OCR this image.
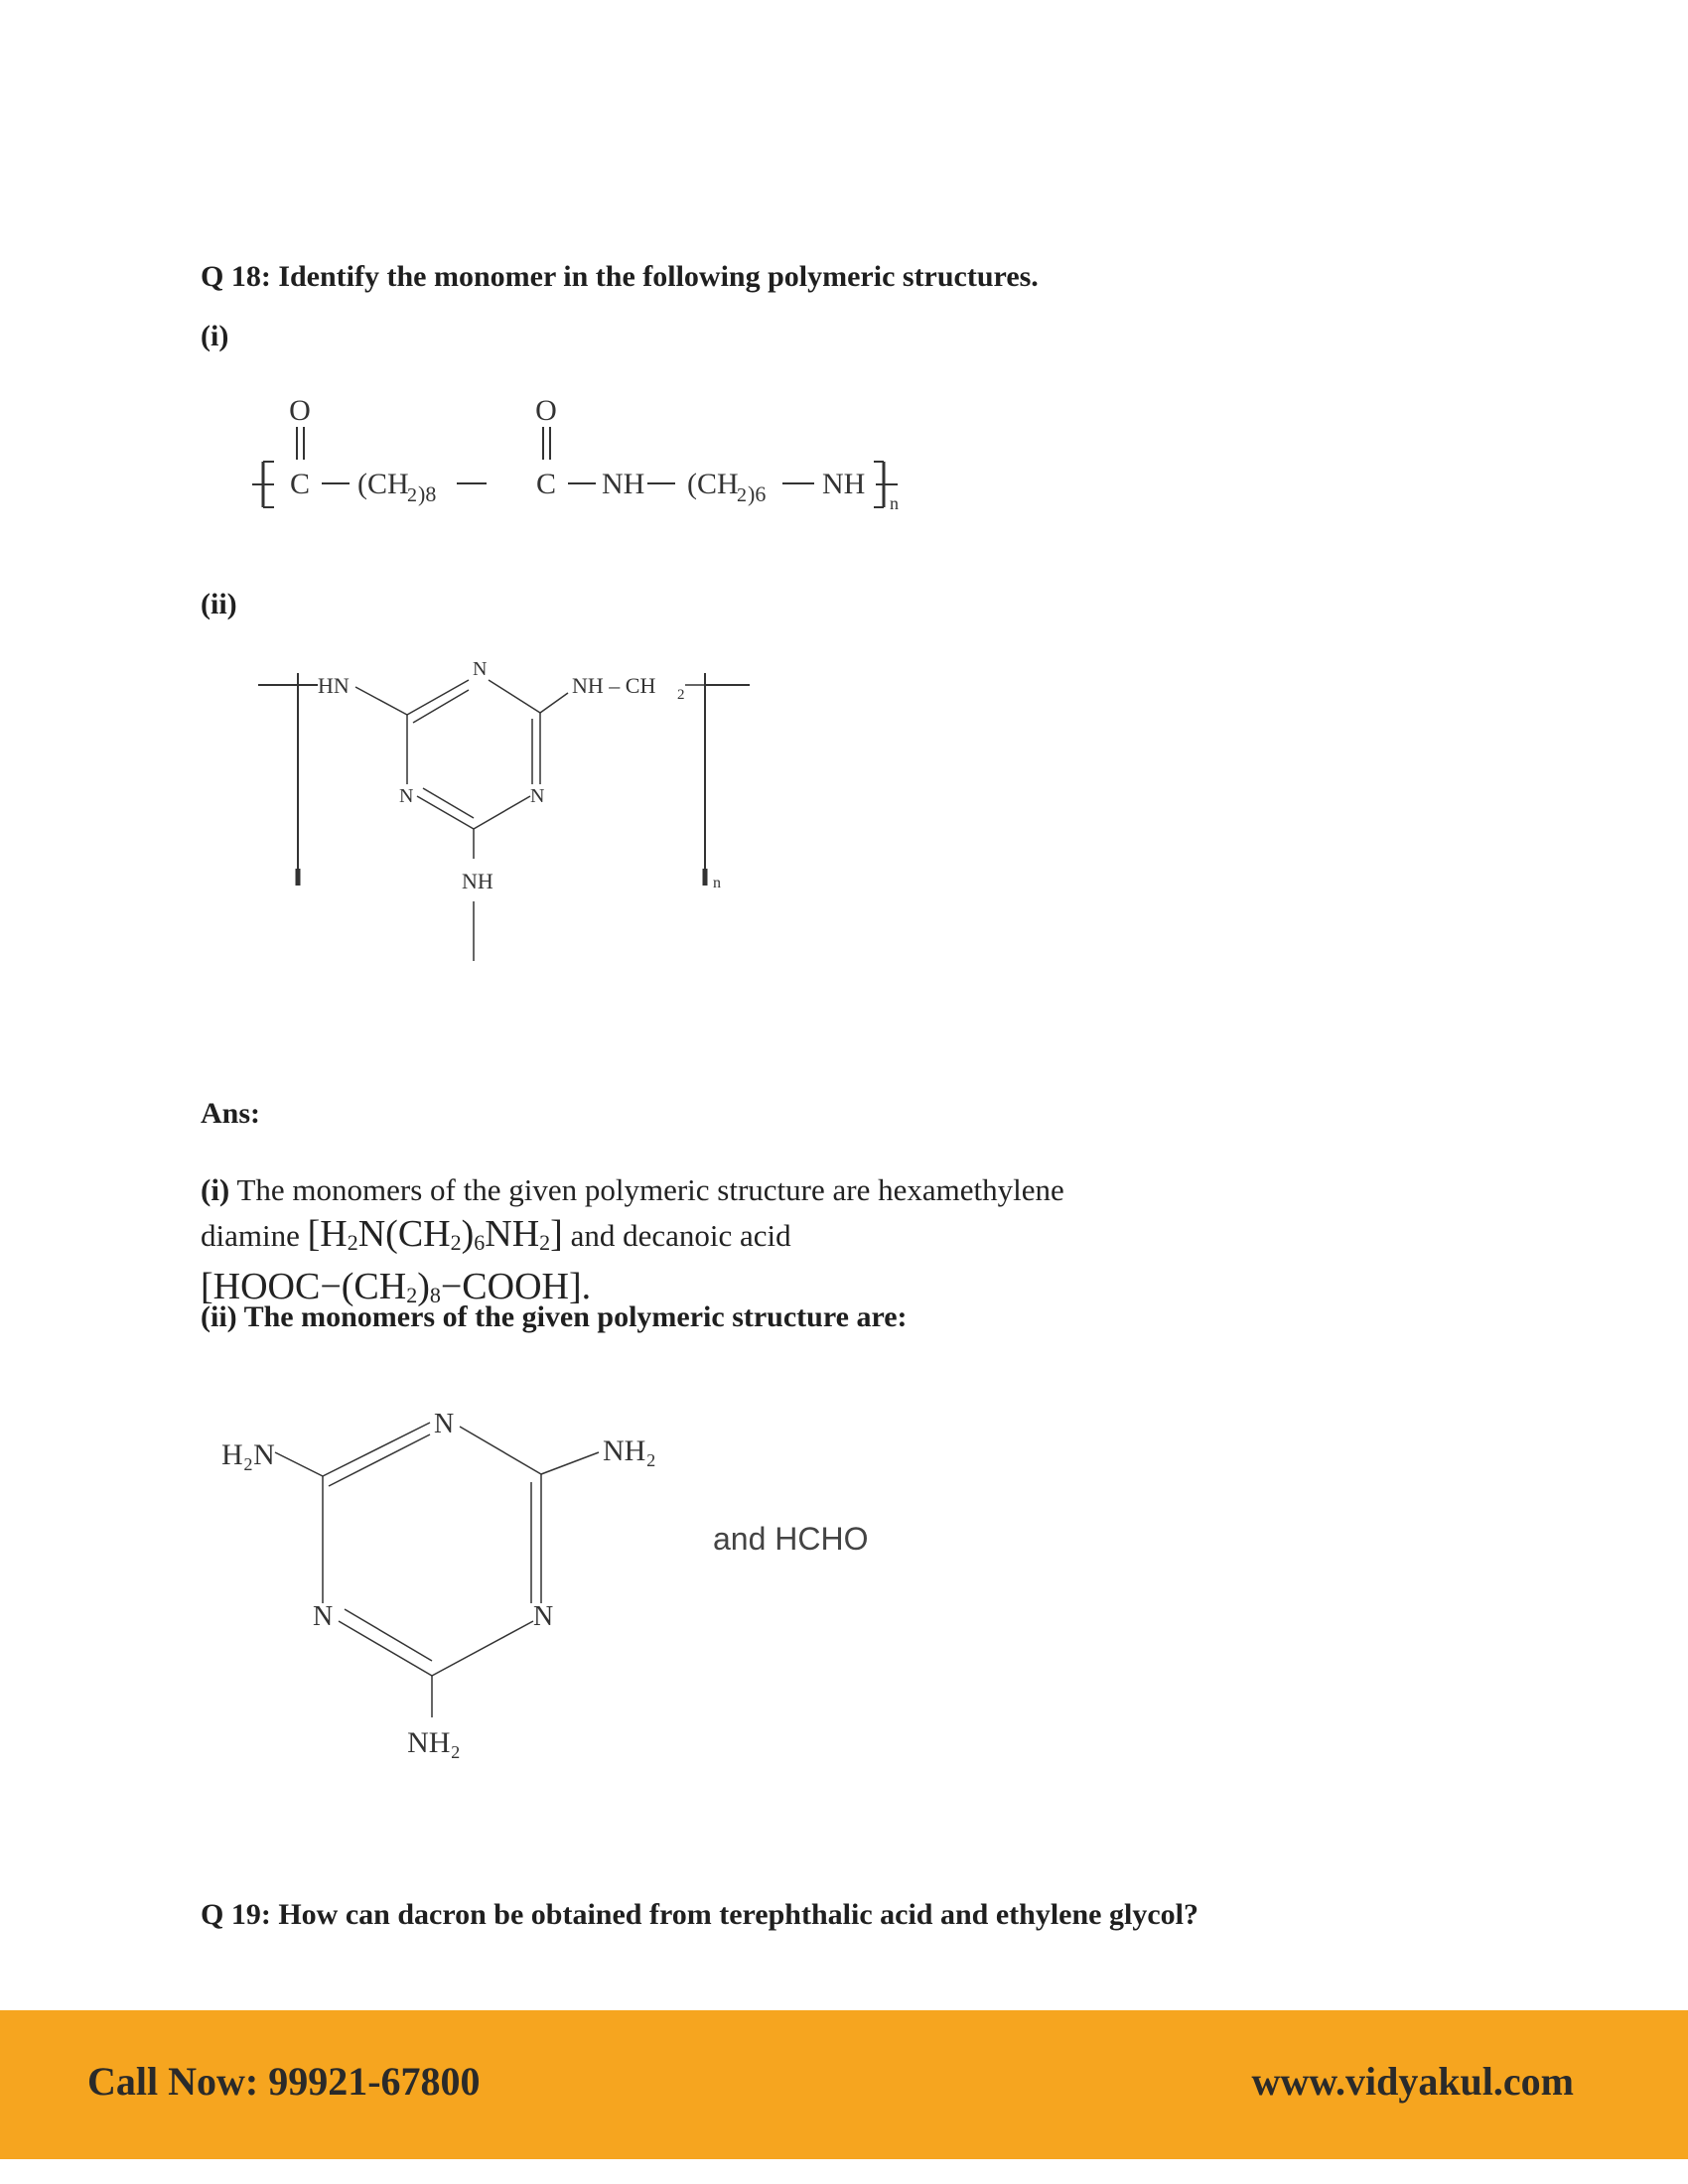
Q 18: Identify the monomer in the following polymeric structures.
(i)
O
C (CH
2 )8
O
C NH (CH
2 )6 NH
n
(ii)
n
HN
N
N	N
NH
NH – CH 2
Ans:
(i) The monomers of the given polymeric structure are hexamethylene
diamine $[H_2N(CH_2)_6NH_2]$ and decanoic acid
$[HOOC-(CH_2)_8-COOH]$.
(ii) The monomers of the given polymeric structure are:
H₂N
N
NH₂
N	N
NH₂
and HCHO
Q 19: How can dacron be obtained from terephthalic acid and ethylene glycol?
Call Now: 99921-67800	www.vidyakul.com
